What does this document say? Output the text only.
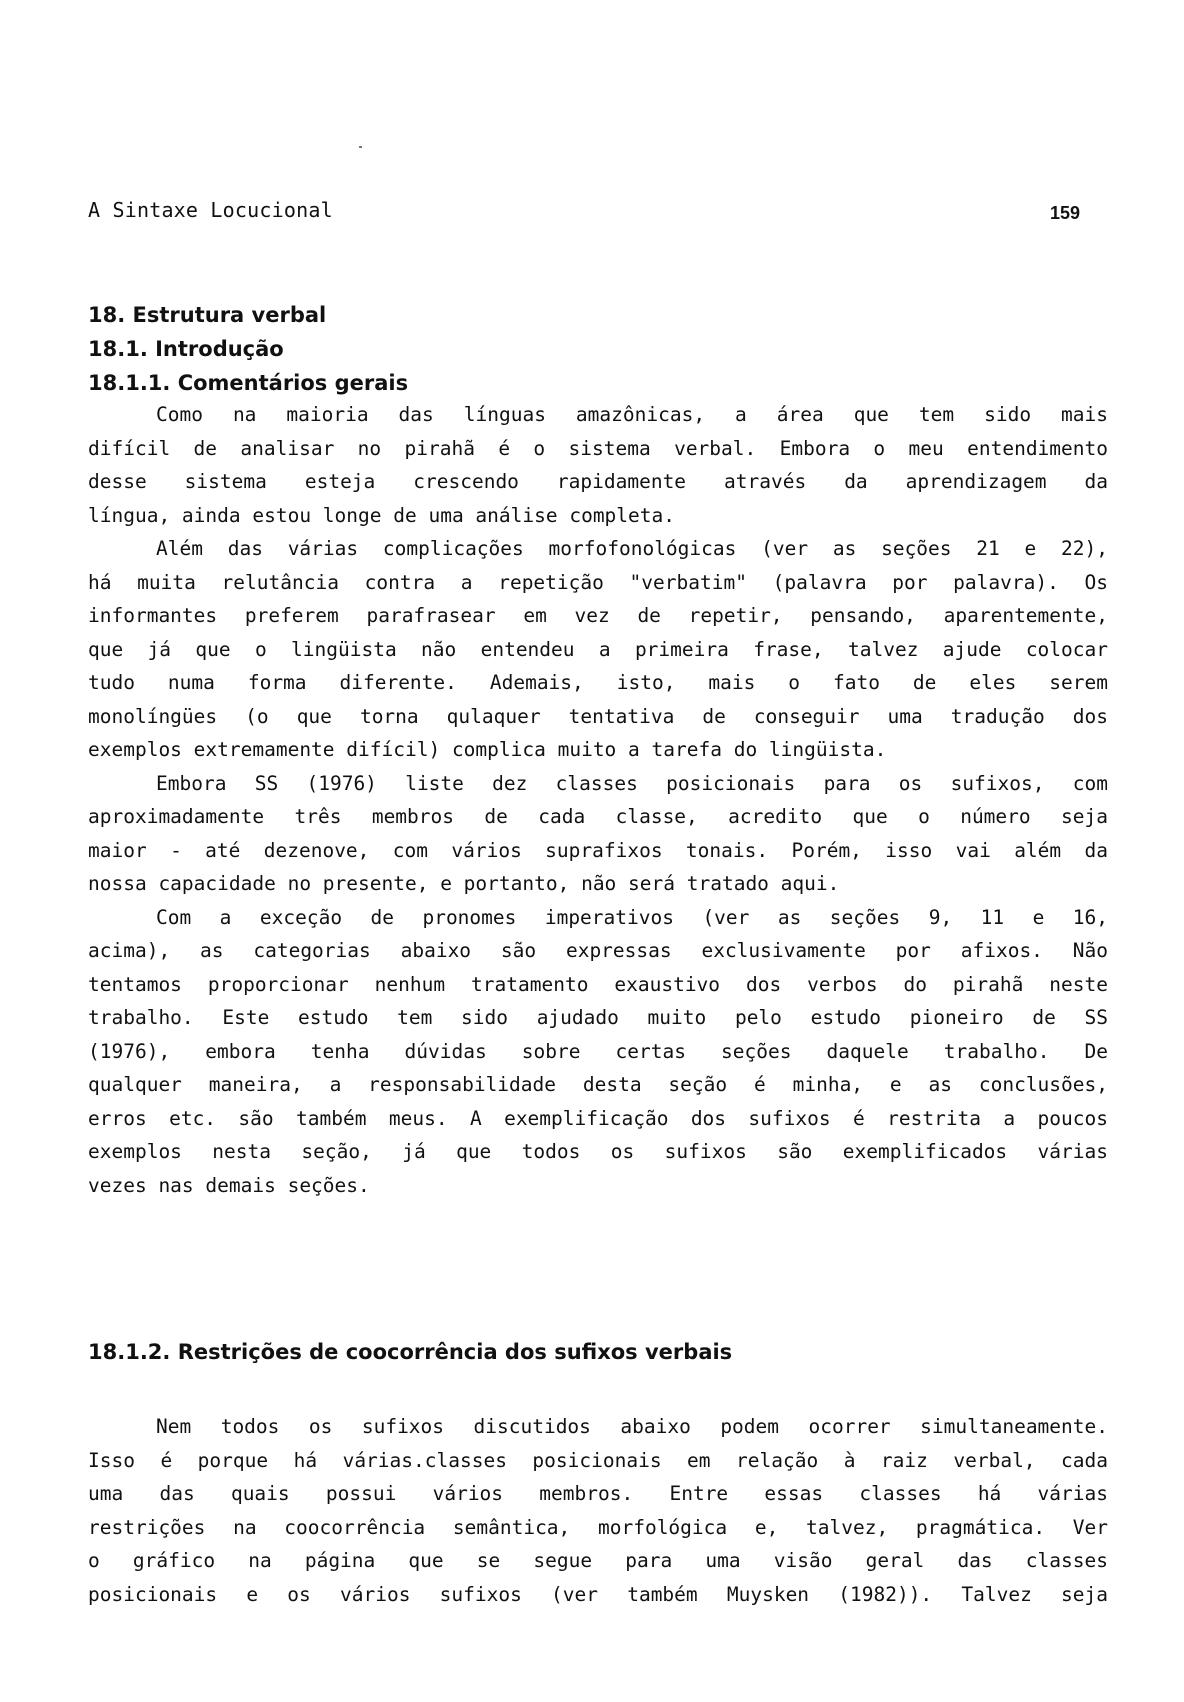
A Sintaxe Locucional	159
18. Estrutura verbal
18.1. Introdução
18.1.1. Comentários gerais

Como na maioria das línguas amazônicas, a área que tem sido mais
difícil de analisar no pirahã é o sistema verbal. Embora o meu entendimento
desse sistema esteja crescendo rapidamente através da aprendizagem da
língua, ainda estou longe de uma análise completa.

Além das várias complicações morfofonológicas (ver as seções 21 e 22),
há muita relutância contra a repetição "verbatim" (palavra por palavra). Os
informantes preferem parafrasear em vez de repetir, pensando, aparentemente,
que já que o lingüista não entendeu a primeira frase, talvez ajude colocar
tudo numa forma diferente. Ademais, isto, mais o fato de eles serem
monolíngües (o que torna qulaquer tentativa de conseguir uma tradução dos
exemplos extremamente difícil) complica muito a tarefa do lingüista.

Embora SS (1976) liste dez classes posicionais para os sufixos, com
aproximadamente três membros de cada classe, acredito que o número seja
maior - até dezenove, com vários suprafixos tonais. Porém, isso vai além da
nossa capacidade no presente, e portanto, não será tratado aqui.

Com a exceção de pronomes imperativos (ver as seções 9, 11 e 16,
acima), as categorias abaixo são expressas exclusivamente por afixos. Não
tentamos proporcionar nenhum tratamento exaustivo dos verbos do pirahã neste
trabalho. Este estudo tem sido ajudado muito pelo estudo pioneiro de SS
(1976), embora tenha dúvidas sobre certas seções daquele trabalho. De
qualquer maneira, a responsabilidade desta seção é minha, e as conclusões,
erros etc. são também meus. A exemplificação dos sufixos é restrita a poucos
exemplos nesta seção, já que todos os sufixos são exemplificados várias
vezes nas demais seções.

18.1.2. Restrições de coocorrência dos sufixos verbais

Nem todos os sufixos discutidos abaixo podem ocorrer simultaneamente.
Isso é porque há várias.classes posicionais em relação à raiz verbal, cada
uma das quais possui vários membros. Entre essas classes há várias
restrições na coocorrência semântica, morfológica e, talvez, pragmática. Ver
o gráfico na página que se segue para uma visão geral das classes
posicionais e os vários sufixos (ver também Muysken (1982)). Talvez seja
